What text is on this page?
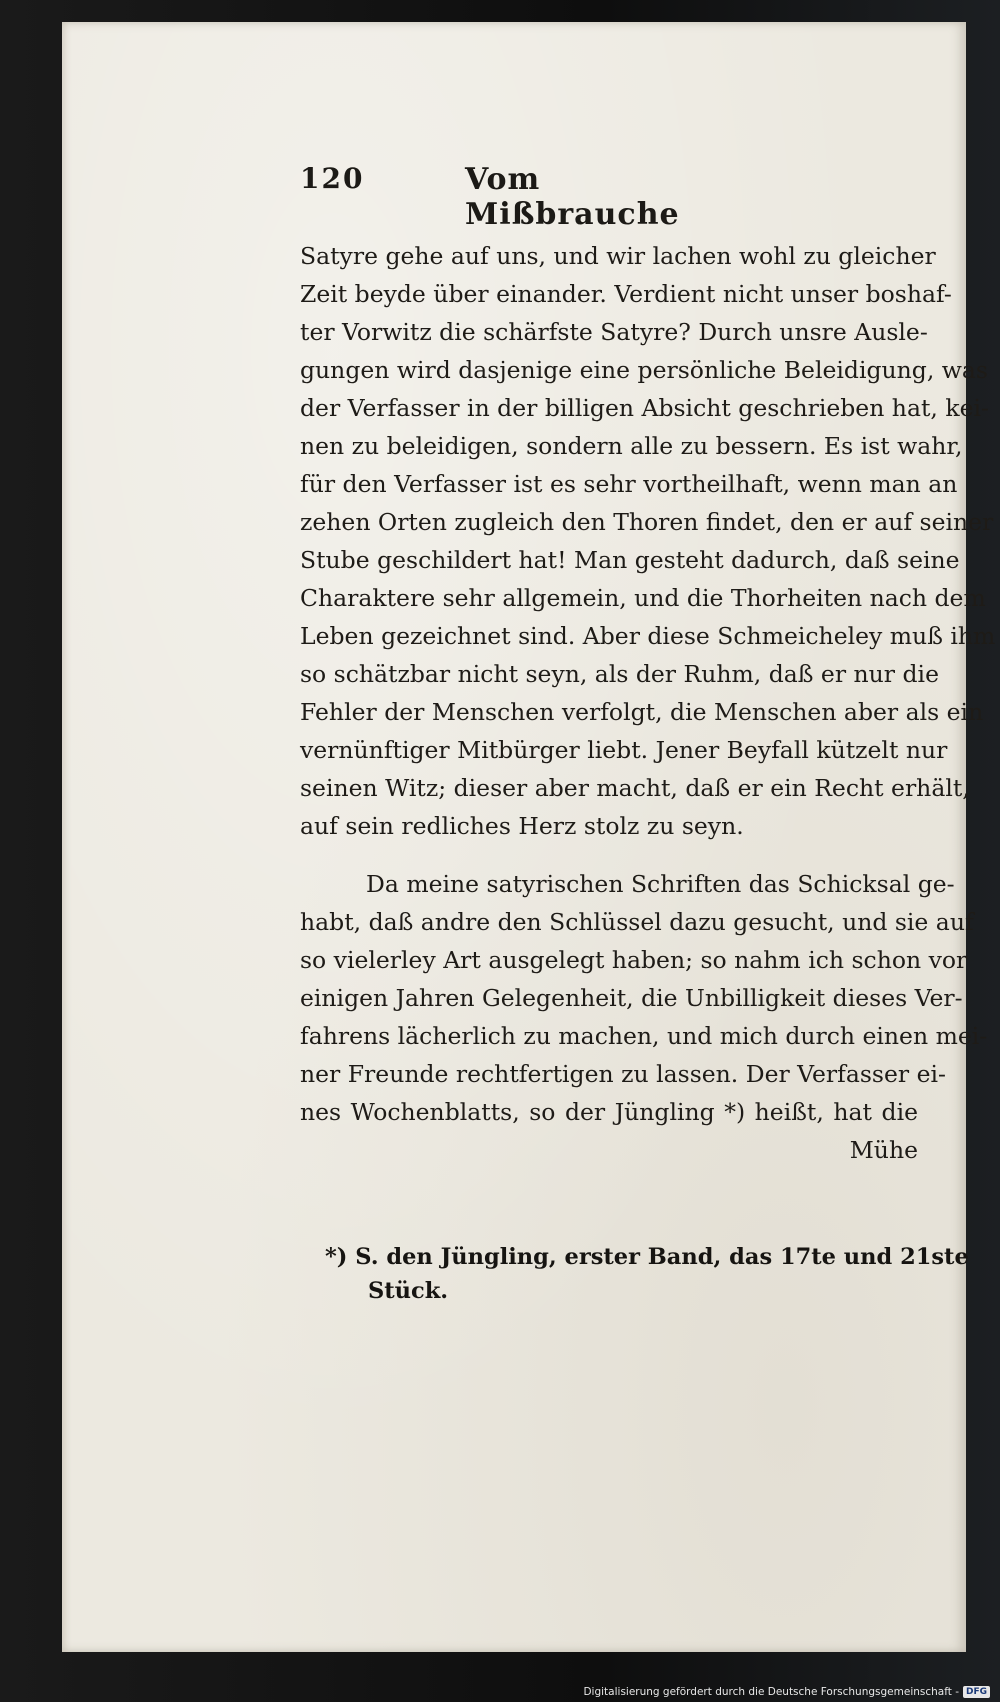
120	Vom Mißbrauche
Satyre gehe auf uns, und wir lachen wohl zu gleicher
Zeit beyde über einander. Verdient nicht unser boshaf-
ter Vorwitz die schärfste Satyre? Durch unsre Ausle-
gungen wird dasjenige eine persönliche Beleidigung, was
der Verfasser in der billigen Absicht geschrieben hat, kei-
nen zu beleidigen, sondern alle zu bessern. Es ist wahr,
für den Verfasser ist es sehr vortheilhaft, wenn man an
zehen Orten zugleich den Thoren findet, den er auf seiner
Stube geschildert hat! Man gesteht dadurch, daß seine
Charaktere sehr allgemein, und die Thorheiten nach dem
Leben gezeichnet sind. Aber diese Schmeicheley muß ihm
so schätzbar nicht seyn, als der Ruhm, daß er nur die
Fehler der Menschen verfolgt, die Menschen aber als ein
vernünftiger Mitbürger liebt. Jener Beyfall kützelt nur
seinen Witz; dieser aber macht, daß er ein Recht erhält,
auf sein redliches Herz stolz zu seyn.
Da meine satyrischen Schriften das Schicksal ge-
habt, daß andre den Schlüssel dazu gesucht, und sie auf
so vielerley Art ausgelegt haben; so nahm ich schon vor
einigen Jahren Gelegenheit, die Unbilligkeit dieses Ver-
fahrens lächerlich zu machen, und mich durch einen mei-
ner Freunde rechtfertigen zu lassen. Der Verfasser ei-
nes Wochenblatts, so der Jüngling *) heißt, hat die
Mühe
*) S. den Jüngling, erster Band, das 17te und 21ste
Stück.
Digitalisierung gefördert durch die Deutsche Forschungsgemeinschaft - DFG
